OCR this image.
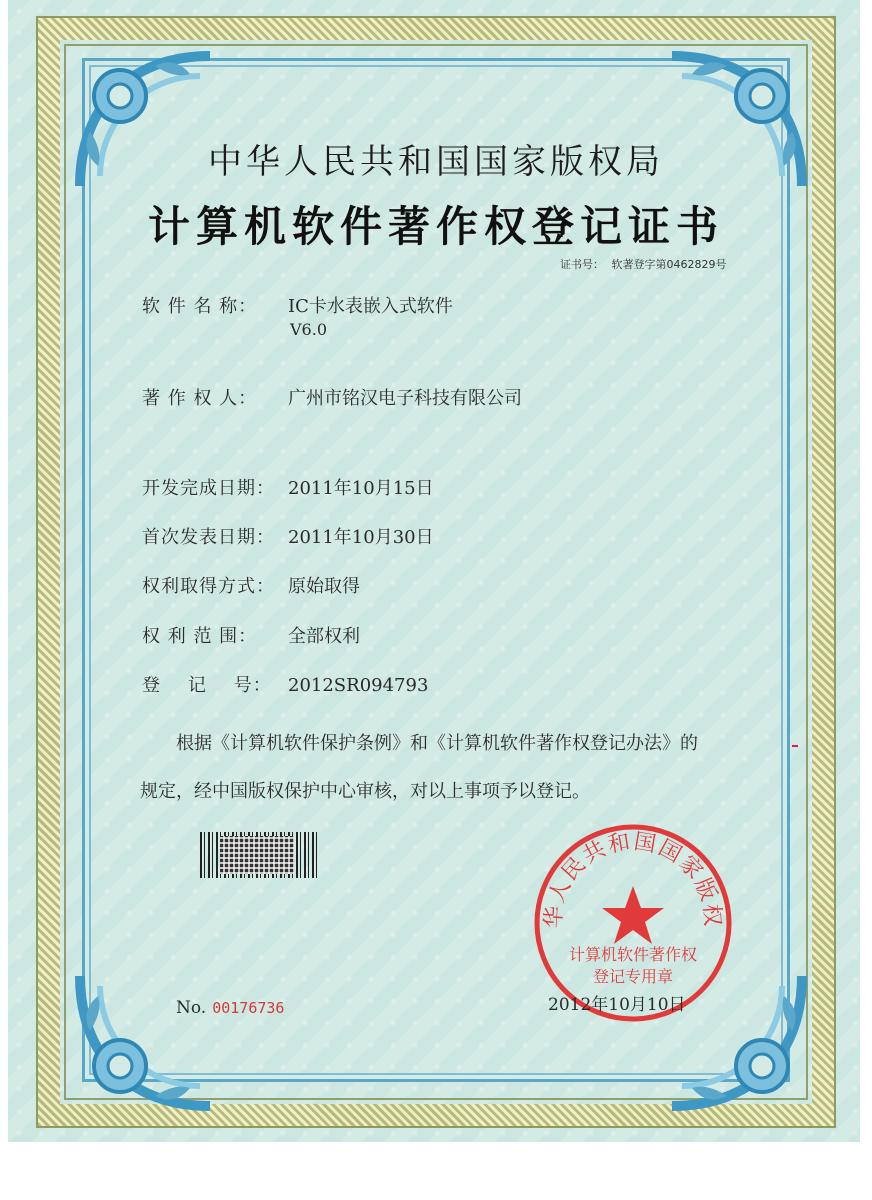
中华人民共和国国家版权局
计算机软件著作权登记证书
证书号： 软著登字第0462829号
软 件 名 称： IC卡水表嵌入式软件
V6.0
著 作 权 人： 广州市铭汉电子科技有限公司
开发完成日期： 2011年10月15日
首次发表日期： 2011年10月30日
权利取得方式： 原始取得
权 利 范 围： 全部权利
登    记    号： 2012SR094793
根据《计算机软件保护条例》和《计算机软件著作权登记办法》的
规定，经中国版权保护中心审核，对以上事项予以登记。
华人民共和国国家版权
计算机软件著作权
登记专用章
No. 00176736	2012年10月10日
